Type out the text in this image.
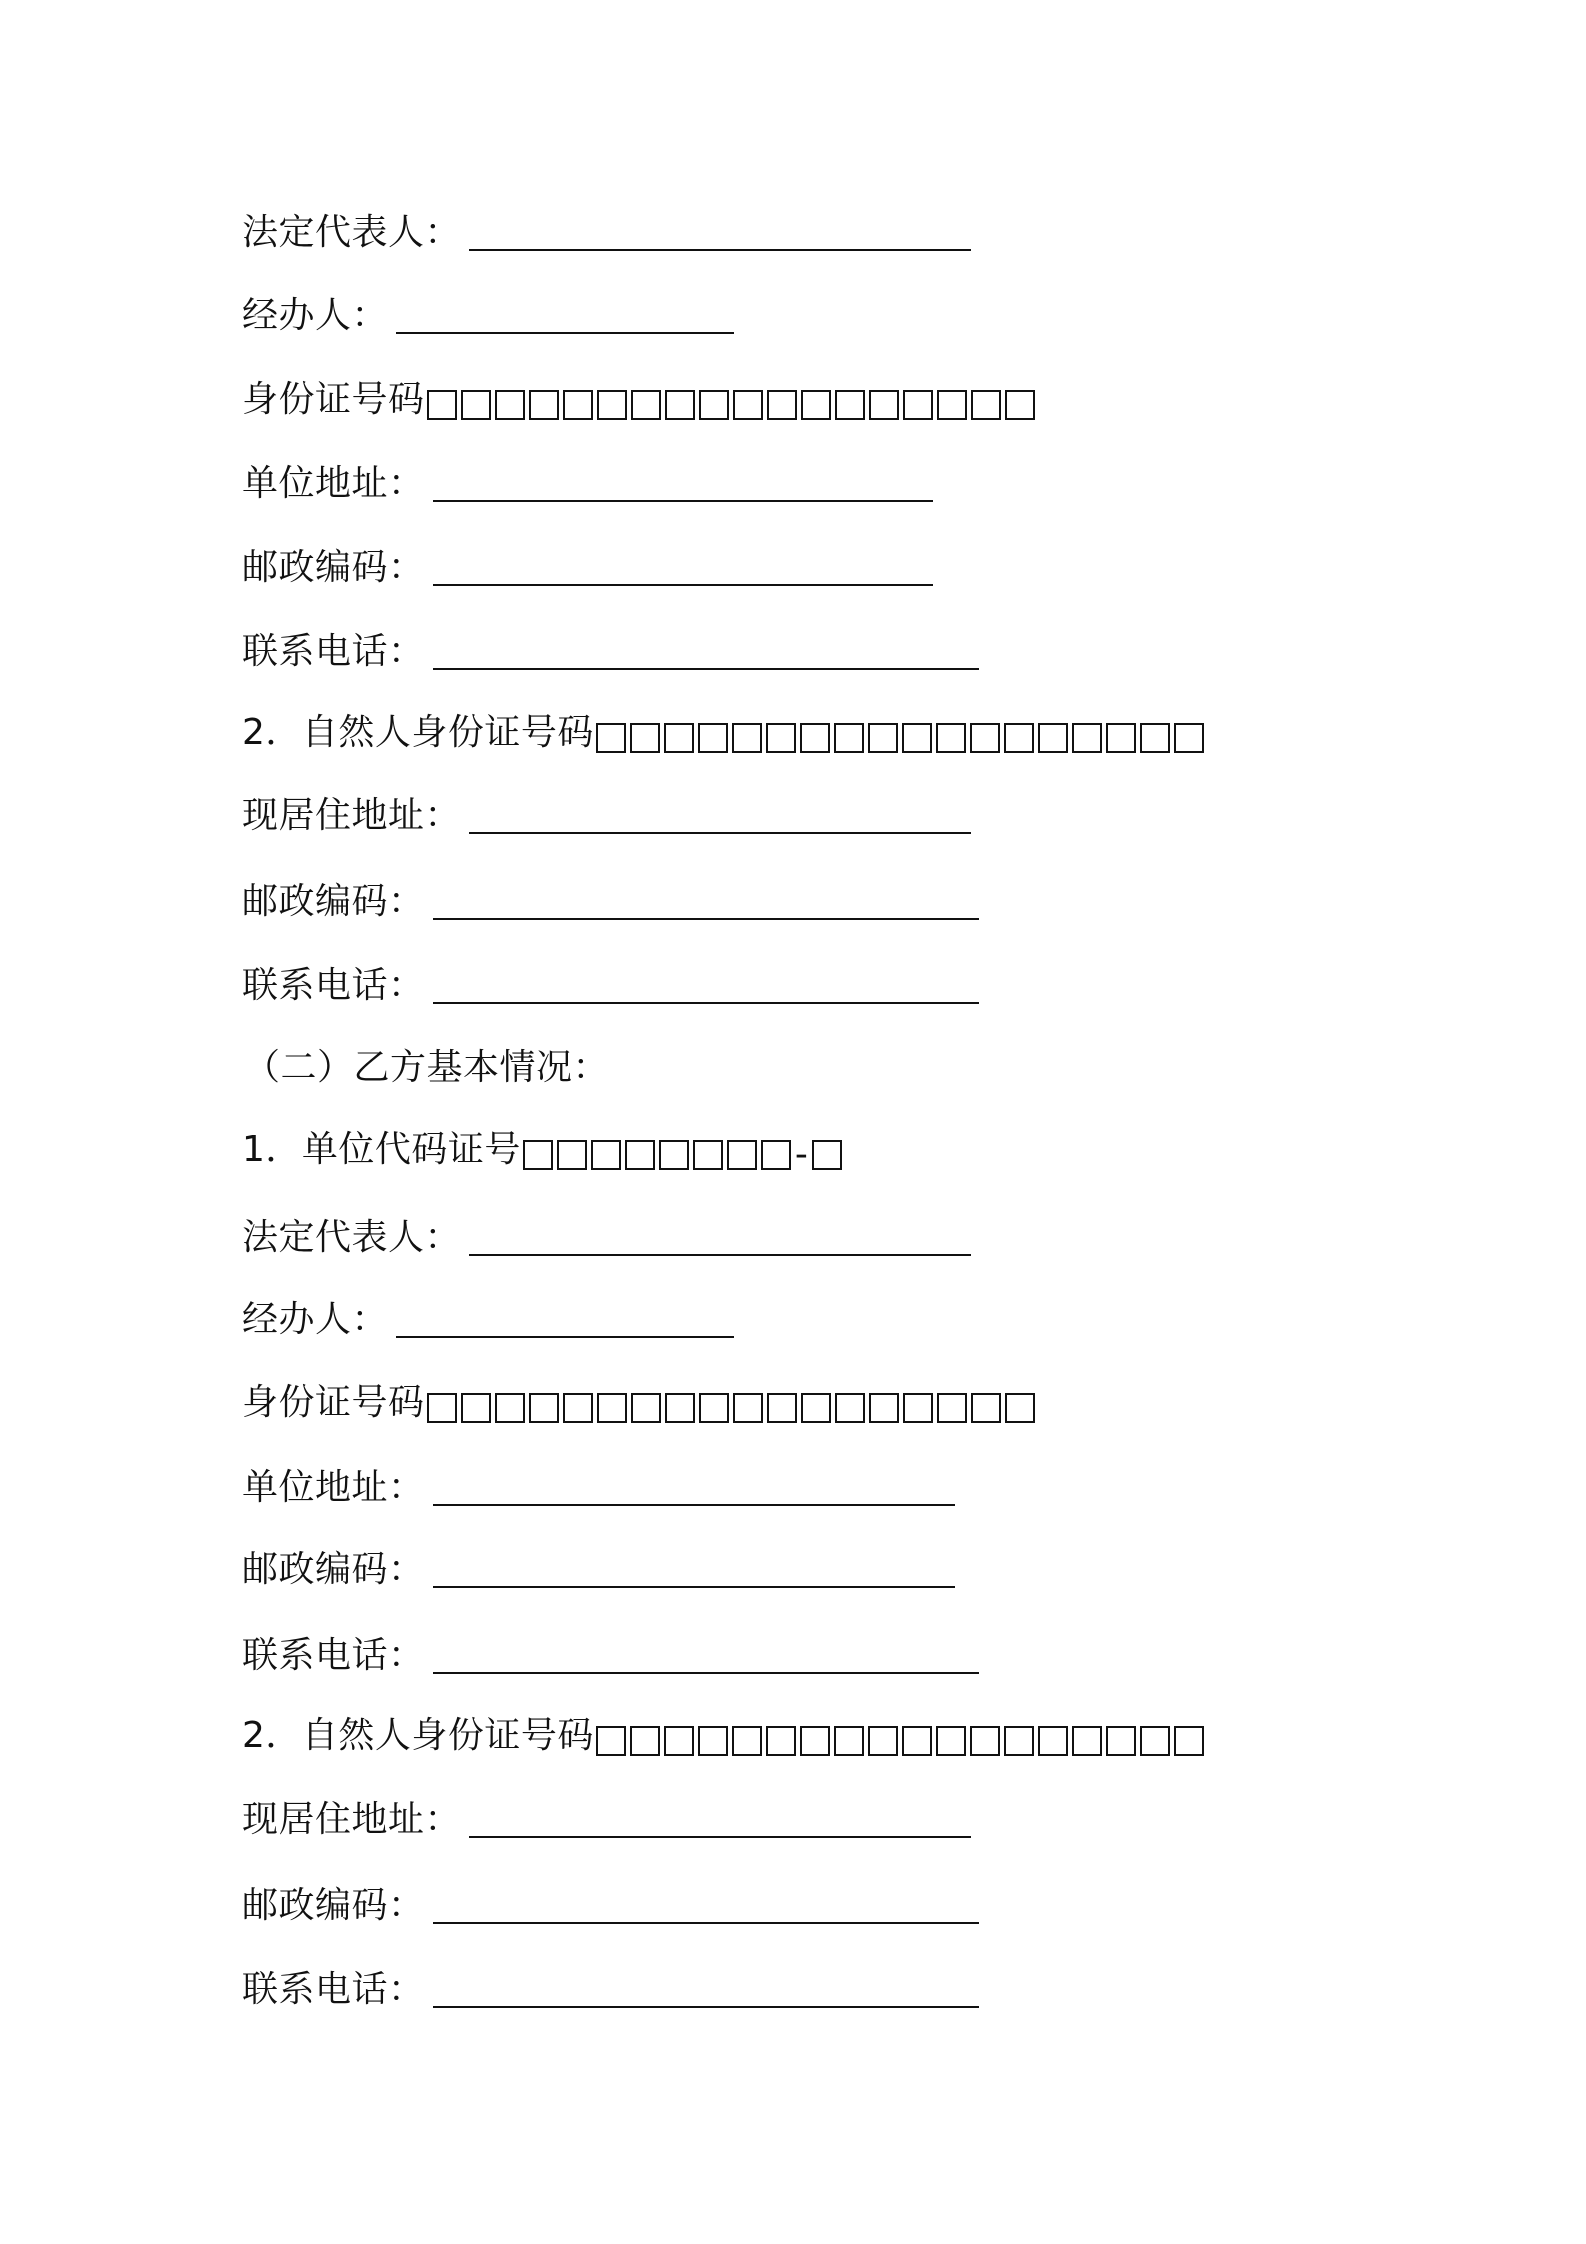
法定代表人：
经办人：
身份证号码
单位地址：
邮政编码：
联系电话：
2．自然人身份证号码
现居住地址：
邮政编码：
联系电话：
（二）乙方基本情况：
1．单位代码证号	-
法定代表人：
经办人：
身份证号码
单位地址：
邮政编码：
联系电话：
2．自然人身份证号码
现居住地址：
邮政编码：
联系电话：
